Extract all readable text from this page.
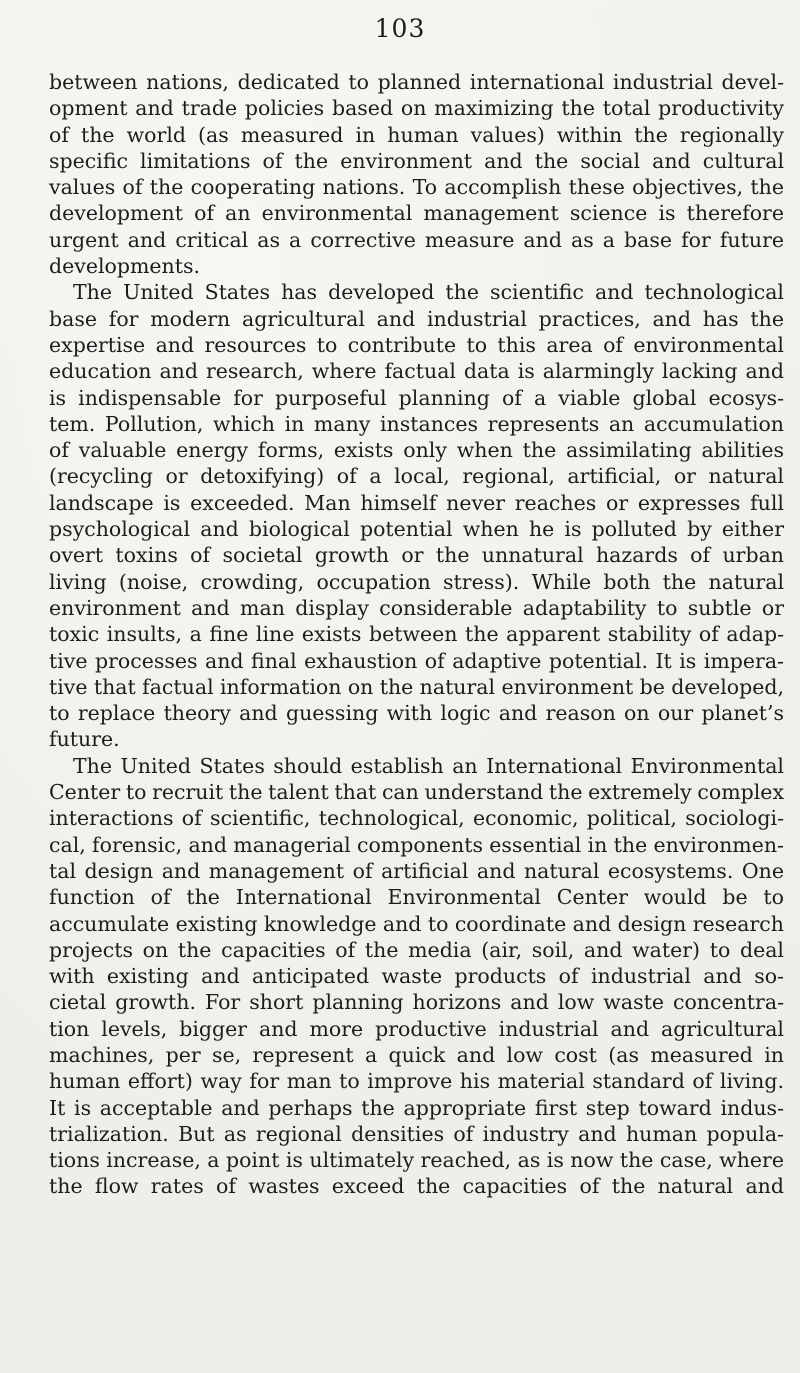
103
between nations, dedicated to planned international industrial devel-
opment and trade policies based on maximizing the total productivity
of the world (as measured in human values) within the regionally
specific limitations of the environment and the social and cultural
values of the cooperating nations. To accomplish these objectives, the
development of an environmental management science is therefore
urgent and critical as a corrective measure and as a base for future
developments.
The United States has developed the scientific and technological
base for modern agricultural and industrial practices, and has the
expertise and resources to contribute to this area of environmental
education and research, where factual data is alarmingly lacking and
is indispensable for purposeful planning of a viable global ecosys-
tem. Pollution, which in many instances represents an accumulation
of valuable energy forms, exists only when the assimilating abilities
(recycling or detoxifying) of a local, regional, artificial, or natural
landscape is exceeded. Man himself never reaches or expresses full
psychological and biological potential when he is polluted by either
overt toxins of societal growth or the unnatural hazards of urban
living (noise, crowding, occupation stress). While both the natural
environment and man display considerable adaptability to subtle or
toxic insults, a fine line exists between the apparent stability of adap-
tive processes and final exhaustion of adaptive potential. It is impera-
tive that factual information on the natural environment be developed,
to replace theory and guessing with logic and reason on our planet’s
future.
The United States should establish an International Environmental
Center to recruit the talent that can understand the extremely complex
interactions of scientific, technological, economic, political, sociologi-
cal, forensic, and managerial components essential in the environmen-
tal design and management of artificial and natural ecosystems. One
function of the International Environmental Center would be to
accumulate existing knowledge and to coordinate and design research
projects on the capacities of the media (air, soil, and water) to deal
with existing and anticipated waste products of industrial and so-
cietal growth. For short planning horizons and low waste concentra-
tion levels, bigger and more productive industrial and agricultural
machines, per se, represent a quick and low cost (as measured in
human effort) way for man to improve his material standard of living.
It is acceptable and perhaps the appropriate first step toward indus-
trialization. But as regional densities of industry and human popula-
tions increase, a point is ultimately reached, as is now the case, where
the flow rates of wastes exceed the capacities of the natural and
